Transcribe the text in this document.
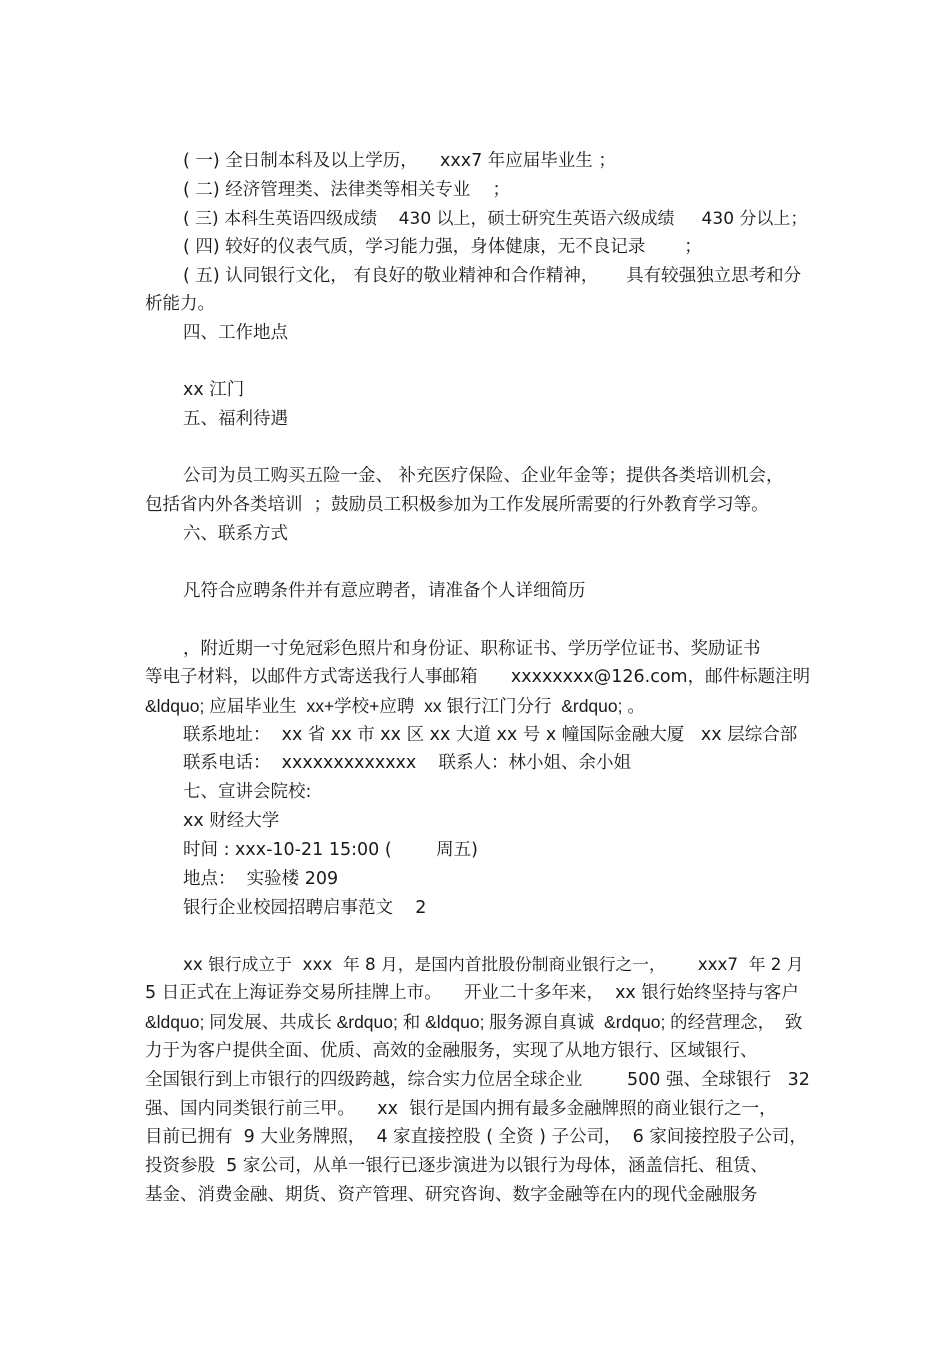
( 一) 全日制本科及以上学历，    xxx7 年应届毕业生 ；
( 二) 经济管理类、法律类等相关专业    ；
( 三) 本科生英语四级成绩    430 以上，硕士研究生英语六级成绩     430 分以上；
( 四) 较好的仪表气质，学习能力强，身体健康，无不良记录       ；
( 五) 认同银行文化， 有良好的敬业精神和合作精神，     具有较强独立思考和分
析能力。
四、工作地点
xx 江门
五、福利待遇
公司为员工购买五险一金、 补充医疗保险、企业年金等；提供各类培训机会，
包括省内外各类培训  ；鼓励员工积极参加为工作发展所需要的行外教育学习等。
六、联系方式
凡符合应聘条件并有意应聘者，请准备个人详细简历
，附近期一寸免冠彩色照片和身份证、职称证书、学历学位证书、奖励证书
等电子材料，以邮件方式寄送我行人事邮箱      xxxxxxxx@126.com，邮件标题注明
&ldquo; 应届毕业生  xx+学校+应聘  xx 银行江门分行  &rdquo; 。
联系地址：  xx 省 xx 市 xx 区 xx 大道 xx 号 x 幢国际金融大厦   xx 层综合部
联系电话：  xxxxxxxxxxxxx    联系人：林小姐、余小姐
七、宣讲会院校:
xx 财经大学
时间 : xxx-10-21 15:00 (        周五)
地点：  实验楼 209
银行企业校园招聘启事范文    2
xx 银行成立于  xxx  年 8 月，是国内首批股份制商业银行之一，      xxx7  年 2 月
5 日正式在上海证券交易所挂牌上市。    开业二十多年来，  xx 银行始终坚持与客户
&ldquo; 同发展、共成长 &rdquo; 和 &ldquo; 服务源自真诚  &rdquo; 的经营理念，  致
力于为客户提供全面、优质、高效的金融服务，实现了从地方银行、区域银行、
全国银行到上市银行的四级跨越，综合实力位居全球企业        500 强、全球银行   32
强、国内同类银行前三甲。    xx  银行是国内拥有最多金融牌照的商业银行之一，
目前已拥有  9 大业务牌照，  4 家直接控股 ( 全资 ) 子公司，  6 家间接控股子公司，
投资参股  5 家公司，从单一银行已逐步演进为以银行为母体，涵盖信托、租赁、
基金、消费金融、期货、资产管理、研究咨询、数字金融等在内的现代金融服务
